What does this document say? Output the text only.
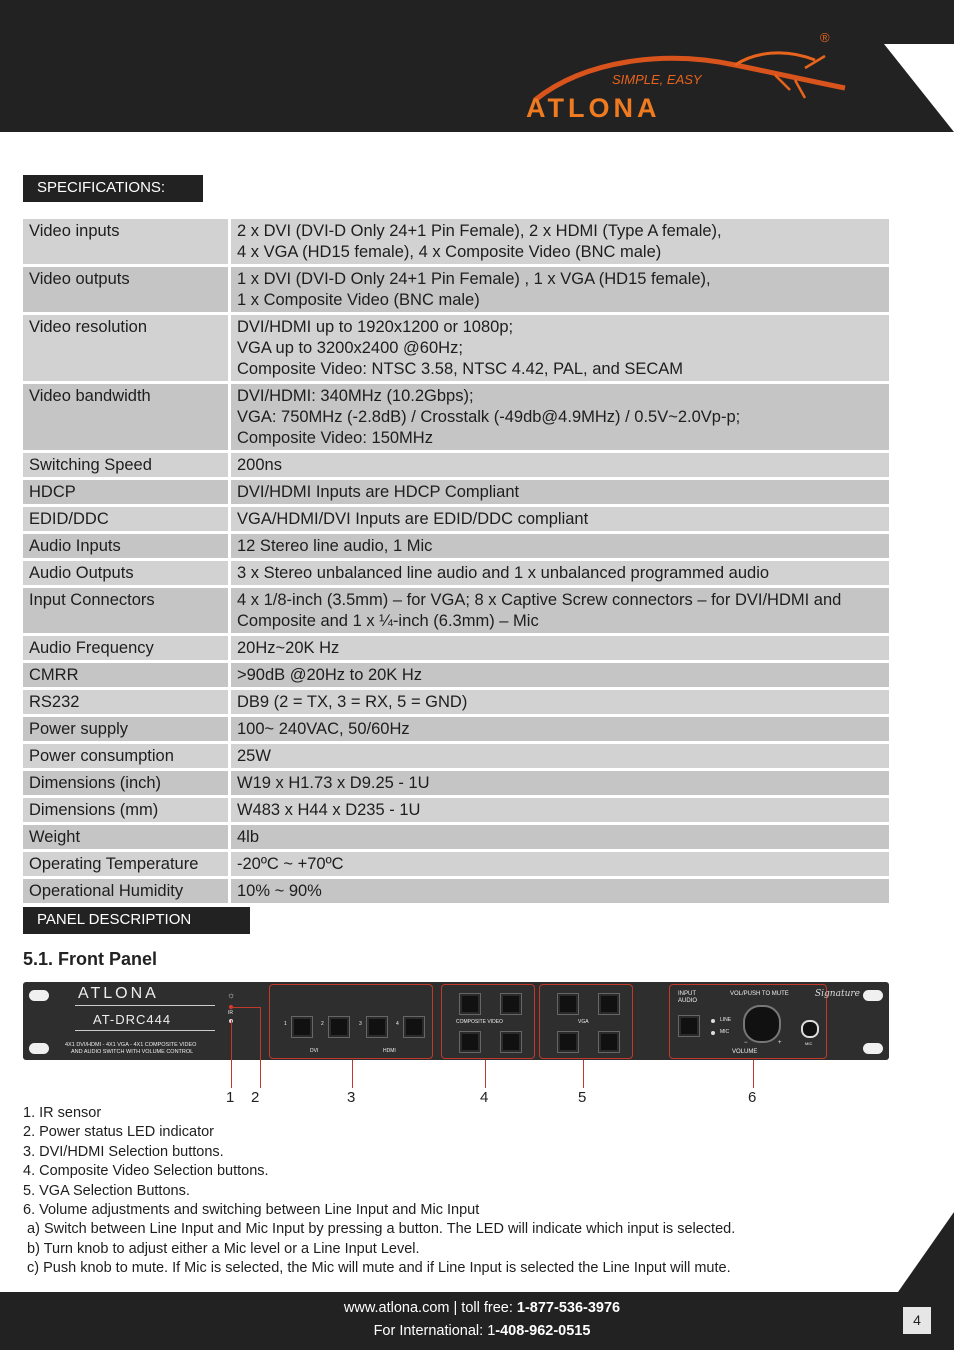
®
SIMPLE, EASY
ATLONA
SPECIFICATIONS:
Video inputs	2 x DVI (DVI-D Only 24+1 Pin Female), 2 x HDMI (Type A female),
4 x VGA (HD15 female), 4 x Composite Video (BNC male)
Video outputs	1 x DVI (DVI-D Only 24+1 Pin Female) , 1 x VGA (HD15 female),
1 x Composite Video (BNC male)
Video resolution	DVI/HDMI up to 1920x1200 or 1080p;
VGA up to 3200x2400 @60Hz;
Composite Video: NTSC 3.58, NTSC 4.42, PAL, and SECAM
Video bandwidth	DVI/HDMI: 340MHz (10.2Gbps);
VGA: 750MHz (-2.8dB) / Crosstalk (-49db@4.9MHz) / 0.5V~2.0Vp-p;
Composite Video: 150MHz
Switching Speed	200ns
HDCP	DVI/HDMI Inputs are HDCP Compliant
EDID/DDC	VGA/HDMI/DVI Inputs are EDID/DDC compliant
Audio Inputs	12 Stereo line audio, 1 Mic
Audio Outputs	3 x Stereo unbalanced line audio and 1 x unbalanced programmed audio
Input Connectors	4 x 1/8-inch (3.5mm) – for VGA; 8 x Captive Screw connectors – for DVI/HDMI and
Composite and 1 x ¼-inch (6.3mm) – Mic
Audio Frequency	20Hz~20K Hz
CMRR	>90dB @20Hz to 20K Hz
RS232	DB9 (2 = TX, 3 = RX, 5 = GND)
Power supply	100~ 240VAC, 50/60Hz
Power consumption	25W
Dimensions (inch)	W19 x H1.73 x D9.25 - 1U
Dimensions (mm)	W483 x H44 x D235 - 1U
Weight	4lb
Operating Temperature	-20ºC ~ +70ºC
Operational Humidity	10% ~ 90%
PANEL DESCRIPTION
5.1. Front Panel
ATLONA
AT-DRC444
4X1 DVI/HDMI - 4X1 VGA - 4X1 COMPOSITE VIDEO
AND AUDIO SWITCH WITH VOLUME CONTROL
☼
IR
1	2	3	4
DVI	HDMI
COMPOSITE VIDEO	VGA
INPUT
AUDIO
VOL/PUSH TO MUTE
LINE
MIC
−	+
VOLUME
MIC
Signature
1 2	3	4	5	6
1. IR sensor
2. Power status LED indicator
3. DVI/HDMI Selection buttons.
4. Composite Video Selection buttons.
5. VGA Selection Buttons.
6. Volume adjustments and switching between Line Input and Mic Input
a) Switch between Line Input and Mic Input by pressing a button. The LED will indicate which input is selected.
b) Turn knob to adjust either a Mic level or a Line Input Level.
c) Push knob to mute. If Mic is selected, the Mic will mute and if Line Input is selected the Line Input will mute.
www.atlona.com | toll free: 1-877-536-3976
For International: 1-408-962-0515
4
